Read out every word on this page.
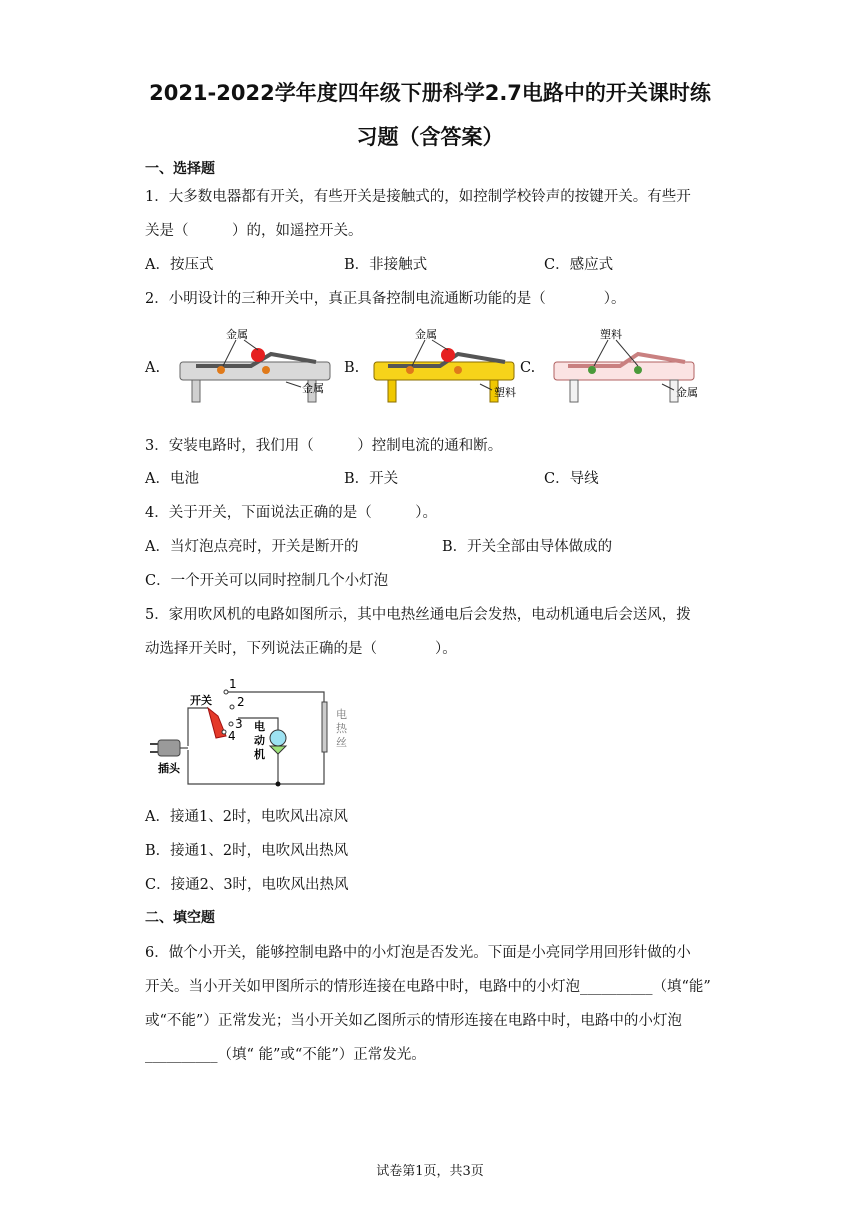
2021-2022学年度四年级下册科学2.7电路中的开关课时练
习题（含答案）
一、选择题
1．大多数电器都有开关，有些开关是接触式的，如控制学校铃声的按键开关。有些开
关是（　　　）的，如遥控开关。
A．按压式	B．非接触式	C．感应式
2．小明设计的三种开关中，真正具备控制电流通断功能的是（　　　　）。
A.	B.	C.
金属
金属
金属
塑料
塑料
金属
3．安装电路时，我们用（　　　）控制电流的通和断。
A．电池	B．开关	C．导线
4．关于开关，下面说法正确的是（　　　）。
A．当灯泡点亮时，开关是断开的	B．开关全部由导体做成的
C．一个开关可以同时控制几个小灯泡
5．家用吹风机的电路如图所示，其中电热丝通电后会发热，电动机通电后会送风，拨
动选择开关时，下列说法正确的是（　　　　）。
开关
插头
1
2
3
4
电
动
机
电
热
丝
A．接通1、2时，电吹风出凉风
B．接通1、2时，电吹风出热风
C．接通2、3时，电吹风出热风
二、填空题
6．做个小开关，能够控制电路中的小灯泡是否发光。下面是小亮同学用回形针做的小
开关。当小开关如甲图所示的情形连接在电路中时，电路中的小灯泡__________（填“能”
或“不能”）正常发光；当小开关如乙图所示的情形连接在电路中时，电路中的小灯泡
__________（填“ 能”或“不能”）正常发光。
试卷第1页，共3页
